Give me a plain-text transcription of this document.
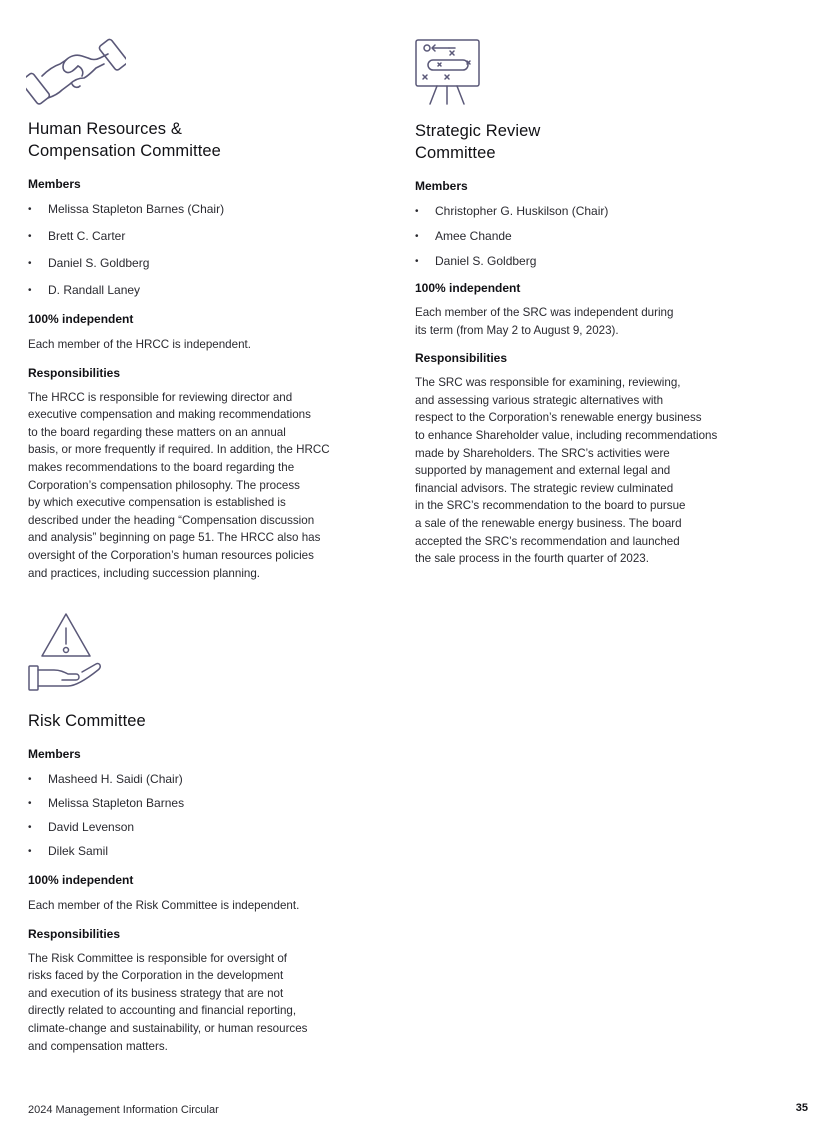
Human Resources &
Compensation Committee
Members
• Melissa Stapleton Barnes (Chair)
• Brett C. Carter
• Daniel S. Goldberg
• D. Randall Laney
100% independent

Each member of the HRCC is independent.

Responsibilities

The HRCC is responsible for reviewing director and
executive compensation and making recommendations
to the board regarding these matters on an annual
basis, or more frequently if required. In addition, the HRCC
makes recommendations to the board regarding the
Corporation’s compensation philosophy. The process
by which executive compensation is established is
described under the heading “Compensation discussion
and analysis” beginning on page 51. The HRCC also has
oversight of the Corporation’s human resources policies
and practices, including succession planning.

Strategic Review
Committee
Members
• Christopher G. Huskilson (Chair)
• Amee Chande
• Daniel S. Goldberg
100% independent

Each member of the SRC was independent during
its term (from May 2 to August 9, 2023).

Responsibilities

The SRC was responsible for examining, reviewing,
and assessing various strategic alternatives with
respect to the Corporation’s renewable energy business
to enhance Shareholder value, including recommendations
made by Shareholders. The SRC’s activities were
supported by management and external legal and
financial advisors. The strategic review culminated
in the SRC’s recommendation to the board to pursue
a sale of the renewable energy business. The board
accepted the SRC’s recommendation and launched
the sale process in the fourth quarter of 2023.

Risk Committee
Members
• Masheed H. Saidi (Chair)
• Melissa Stapleton Barnes
• David Levenson
• Dilek Samil
100% independent

Each member of the Risk Committee is independent.

Responsibilities

The Risk Committee is responsible for oversight of
risks faced by the Corporation in the development
and execution of its business strategy that are not
directly related to accounting and financial reporting,
climate-change and sustainability, or human resources
and compensation matters.

2024 Management Information Circular	35
